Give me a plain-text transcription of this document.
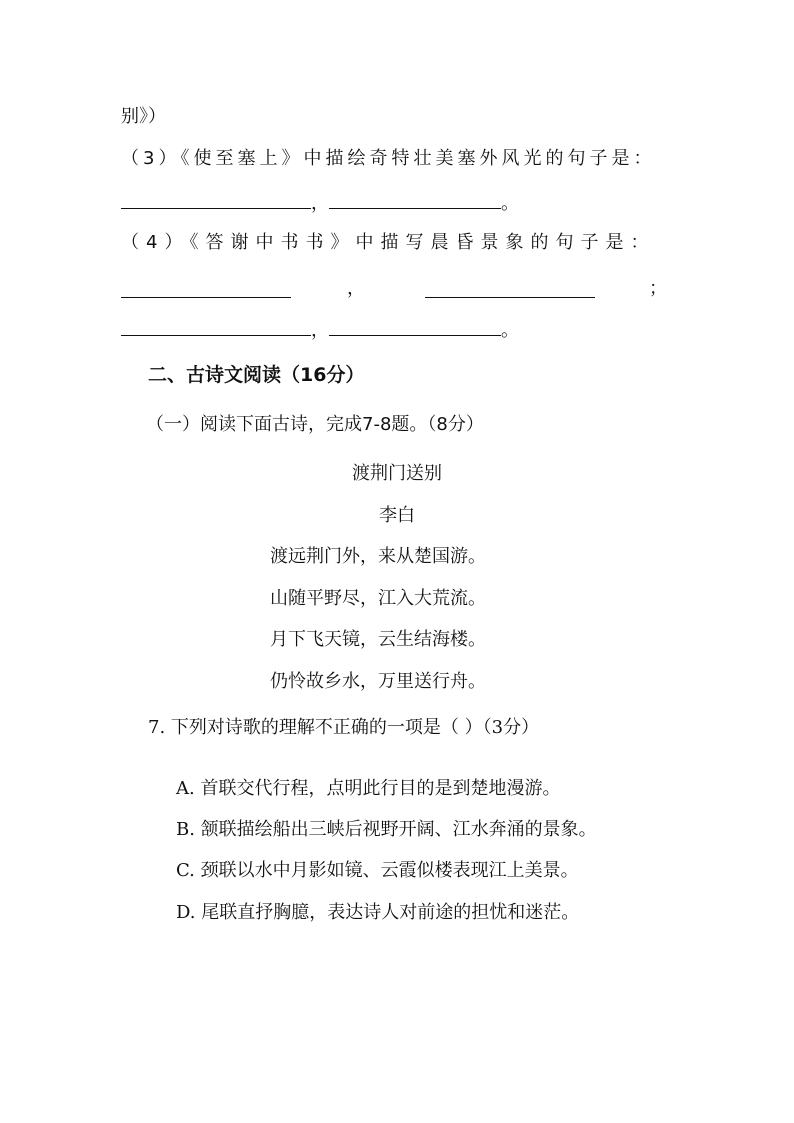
别》）
（3）《使至塞上》中描绘奇特壮美塞外风光的句子是：
，	。
（4）《答谢中书书》中描写晨昏景象的句子是：
，	；
，	。
二、古诗文阅读（16分）
（一）阅读下面古诗，完成7-8题。（8分）
渡荆门送别
李白
渡远荆门外，来从楚国游。
山随平野尽，江入大荒流。
月下飞天镜，云生结海楼。
仍怜故乡水，万里送行舟。
7. 下列对诗歌的理解不正确的一项是（ ）（3分）
A. 首联交代行程，点明此行目的是到楚地漫游。
B. 颔联描绘船出三峡后视野开阔、江水奔涌的景象。
C. 颈联以水中月影如镜、云霞似楼表现江上美景。
D. 尾联直抒胸臆，表达诗人对前途的担忧和迷茫。
